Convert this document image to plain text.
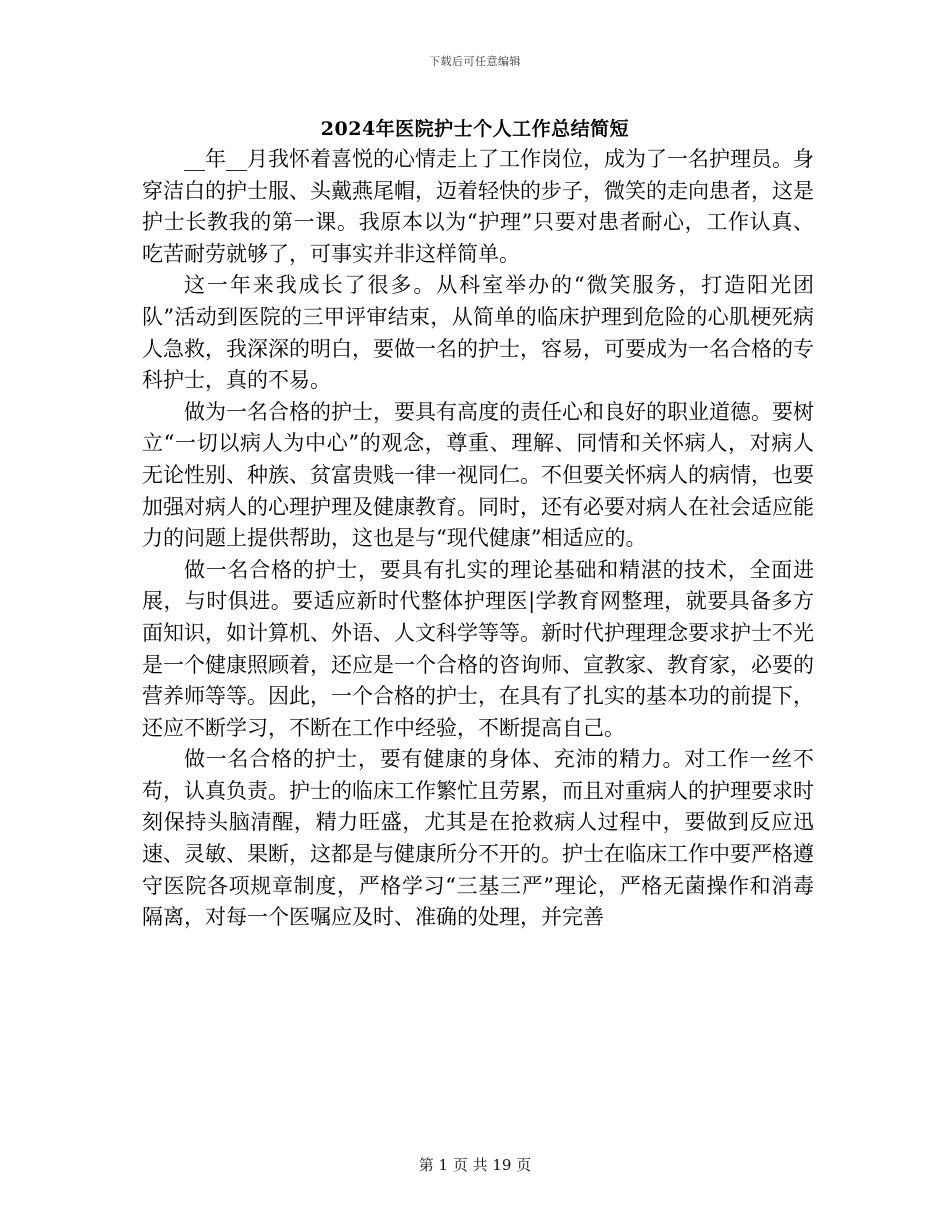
下载后可任意编辑
2024年医院护士个人工作总结简短

__年__月我怀着喜悦的心情走上了工作岗位，成为了一名护理员。身穿洁白的护士服、头戴燕尾帽，迈着轻快的步子，微笑的走向患者，这是护士长教我的第一课。我原本以为“护理”只要对患者耐心，工作认真、吃苦耐劳就够了，可事实并非这样简单。

这一年来我成长了很多。从科室举办的“微笑服务，打造阳光团队”活动到医院的三甲评审结束，从简单的临床护理到危险的心肌梗死病人急救，我深深的明白，要做一名的护士，容易，可要成为一名合格的专科护士，真的不易。

做为一名合格的护士，要具有高度的责任心和良好的职业道德。要树立“一切以病人为中心”的观念，尊重、理解、同情和关怀病人，对病人无论性别、种族、贫富贵贱一律一视同仁。不但要关怀病人的病情，也要加强对病人的心理护理及健康教育。同时，还有必要对病人在社会适应能力的问题上提供帮助，这也是与“现代健康”相适应的。

做一名合格的护士，要具有扎实的理论基础和精湛的技术，全面进展，与时俱进。要适应新时代整体护理医|学教育网整理，就要具备多方面知识，如计算机、外语、人文科学等等。新时代护理理念要求护士不光是一个健康照顾着，还应是一个合格的咨询师、宣教家、教育家，必要的营养师等等。因此，一个合格的护士，在具有了扎实的基本功的前提下，还应不断学习，不断在工作中经验，不断提高自己。

做一名合格的护士，要有健康的身体、充沛的精力。对工作一丝不苟，认真负责。护士的临床工作繁忙且劳累，而且对重病人的护理要求时刻保持头脑清醒，精力旺盛，尤其是在抢救病人过程中，要做到反应迅速、灵敏、果断，这都是与健康所分不开的。护士在临床工作中要严格遵守医院各项规章制度，严格学习“三基三严”理论，严格无菌操作和消毒隔离，对每一个医嘱应及时、准确的处理，并完善

第 1 页 共 19 页
